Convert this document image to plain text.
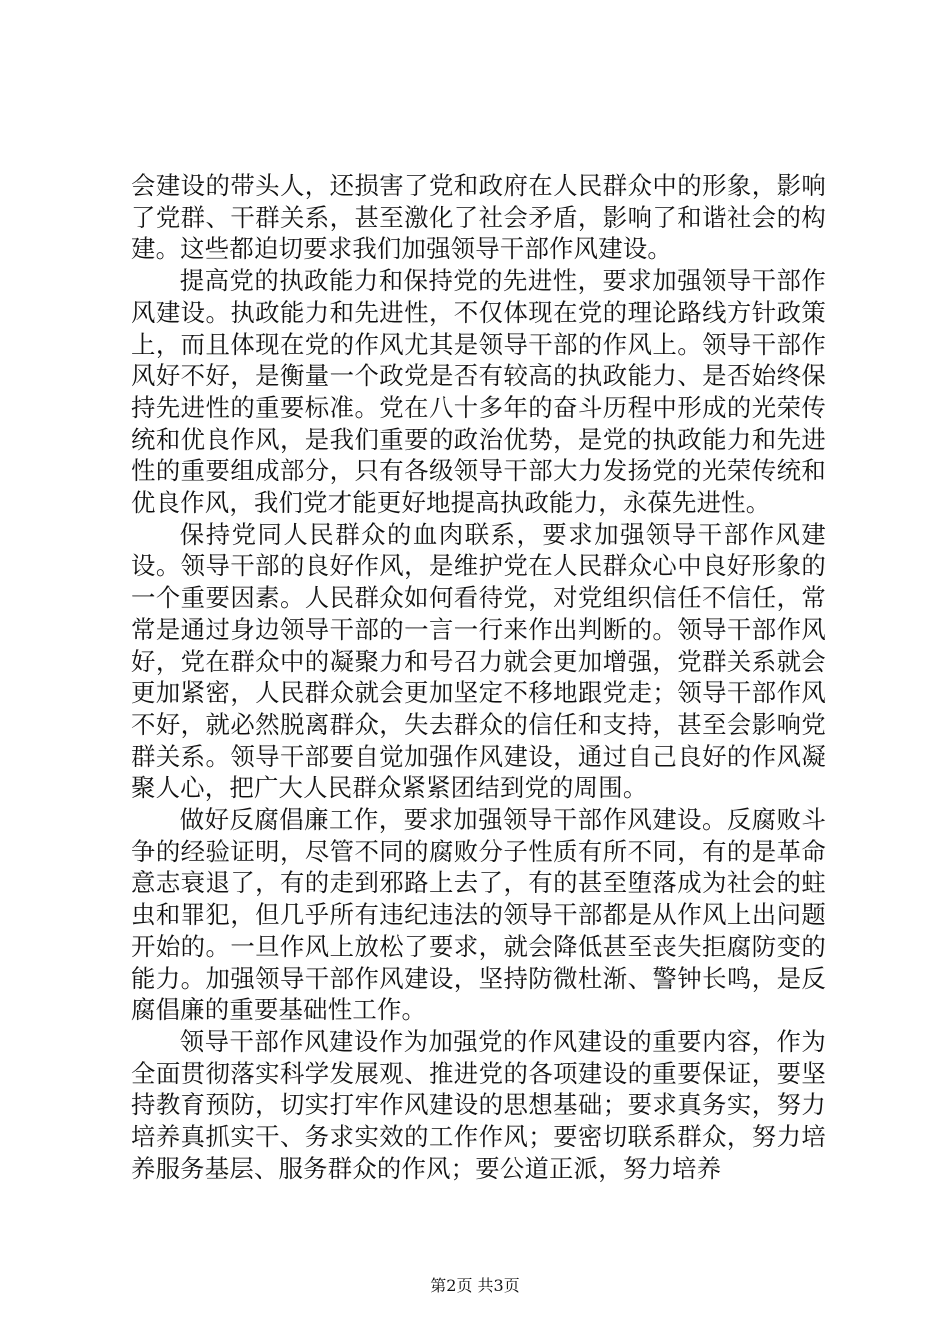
会建设的带头人，还损害了党和政府在人民群众中的形象，影响了党群、干群关系，甚至激化了社会矛盾，影响了和谐社会的构建。这些都迫切要求我们加强领导干部作风建设。

提高党的执政能力和保持党的先进性，要求加强领导干部作风建设。执政能力和先进性，不仅体现在党的理论路线方针政策上，而且体现在党的作风尤其是领导干部的作风上。领导干部作风好不好，是衡量一个政党是否有较高的执政能力、是否始终保持先进性的重要标准。党在八十多年的奋斗历程中形成的光荣传统和优良作风，是我们重要的政治优势，是党的执政能力和先进性的重要组成部分，只有各级领导干部大力发扬党的光荣传统和优良作风，我们党才能更好地提高执政能力，永葆先进性。

保持党同人民群众的血肉联系，要求加强领导干部作风建设。领导干部的良好作风，是维护党在人民群众心中良好形象的一个重要因素。人民群众如何看待党，对党组织信任不信任，常常是通过身边领导干部的一言一行来作出判断的。领导干部作风好，党在群众中的凝聚力和号召力就会更加增强，党群关系就会更加紧密，人民群众就会更加坚定不移地跟党走；领导干部作风不好，就必然脱离群众，失去群众的信任和支持，甚至会影响党群关系。领导干部要自觉加强作风建设，通过自己良好的作风凝聚人心，把广大人民群众紧紧团结到党的周围。

做好反腐倡廉工作，要求加强领导干部作风建设。反腐败斗争的经验证明，尽管不同的腐败分子性质有所不同，有的是革命意志衰退了，有的走到邪路上去了，有的甚至堕落成为社会的蛀虫和罪犯，但几乎所有违纪违法的领导干部都是从作风上出问题开始的。一旦作风上放松了要求，就会降低甚至丧失拒腐防变的能力。加强领导干部作风建设，坚持防微杜渐、警钟长鸣，是反腐倡廉的重要基础性工作。

领导干部作风建设作为加强党的作风建设的重要内容，作为全面贯彻落实科学发展观、推进党的各项建设的重要保证，要坚持教育预防，切实打牢作风建设的思想基础；要求真务实，努力培养真抓实干、务求实效的工作作风；要密切联系群众，努力培养服务基层、服务群众的作风；要公道正派，努力培养

第2页 共3页
